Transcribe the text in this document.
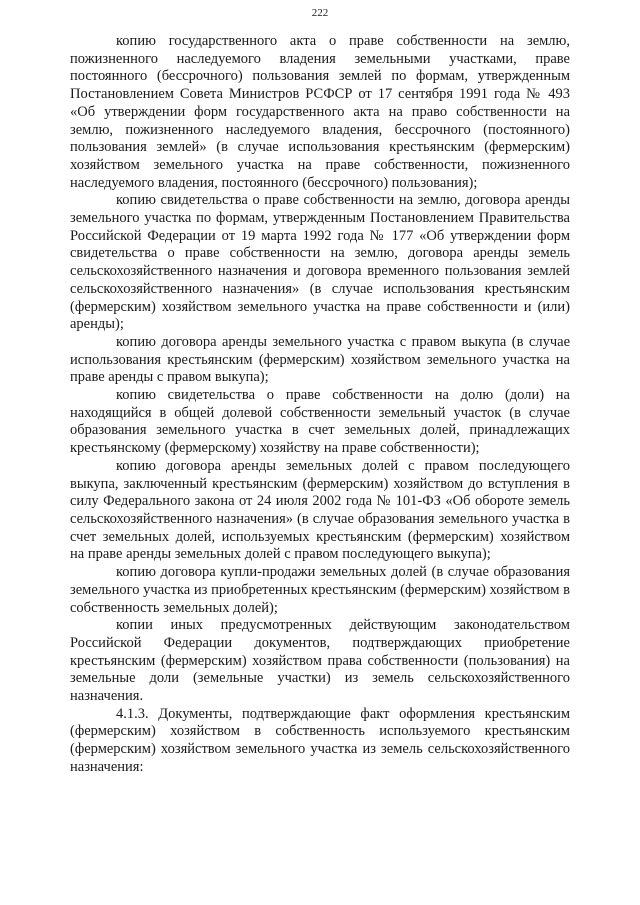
222

копию государственного акта о праве собственности на землю, пожизненного наследуемого владения земельными участками, праве постоянного (бессрочного) пользования землей по формам, утвержденным Постановлением Совета Министров РСФСР от 17 сентября 1991 года № 493 «Об утверждении форм государственного акта на право собственности на землю, пожизненного наследуемого владения, бессрочного (постоянного) пользования землей» (в случае использования крестьянским (фермерским) хозяйством земельного участка на праве собственности, пожизненного наследуемого владения, постоянного (бессрочного) пользования);

копию свидетельства о праве собственности на землю, договора аренды земельного участка по формам, утвержденным Постановлением Правительства Российской Федерации от 19 марта 1992 года № 177 «Об утверждении форм свидетельства о праве собственности на землю, договора аренды земель сельскохозяйственного назначения и договора временного пользования землей сельскохозяйственного назначения» (в случае использования крестьянским (фермерским) хозяйством земельного участка на праве собственности и (или) аренды);

копию договора аренды земельного участка с правом выкупа (в случае использования крестьянским (фермерским) хозяйством земельного участка на праве аренды с правом выкупа);

копию свидетельства о праве собственности на долю (доли) на находящийся в общей долевой собственности земельный участок (в случае образования земельного участка в счет земельных долей, принадлежащих крестьянскому (фермерскому) хозяйству на праве собственности);

копию договора аренды земельных долей с правом последующего выкупа, заключенный крестьянским (фермерским) хозяйством до вступления в силу Федерального закона от 24 июля 2002 года № 101-ФЗ «Об обороте земель сельскохозяйственного назначения» (в случае образования земельного участка в счет земельных долей, используемых крестьянским (фермерским) хозяйством на праве аренды земельных долей с правом последующего выкупа);

копию договора купли-продажи земельных долей (в случае образования земельного участка из приобретенных крестьянским (фермерским) хозяйством в собственность земельных долей);

копии иных предусмотренных действующим законодательством Российской Федерации документов, подтверждающих приобретение крестьянским (фермерским) хозяйством права собственности (пользования) на земельные доли (земельные участки) из земель сельскохозяйственного назначения.

4.1.3. Документы, подтверждающие факт оформления крестьянским (фермерским) хозяйством в собственность используемого крестьянским (фермерским) хозяйством земельного участка из земель сельскохозяйственного назначения:
